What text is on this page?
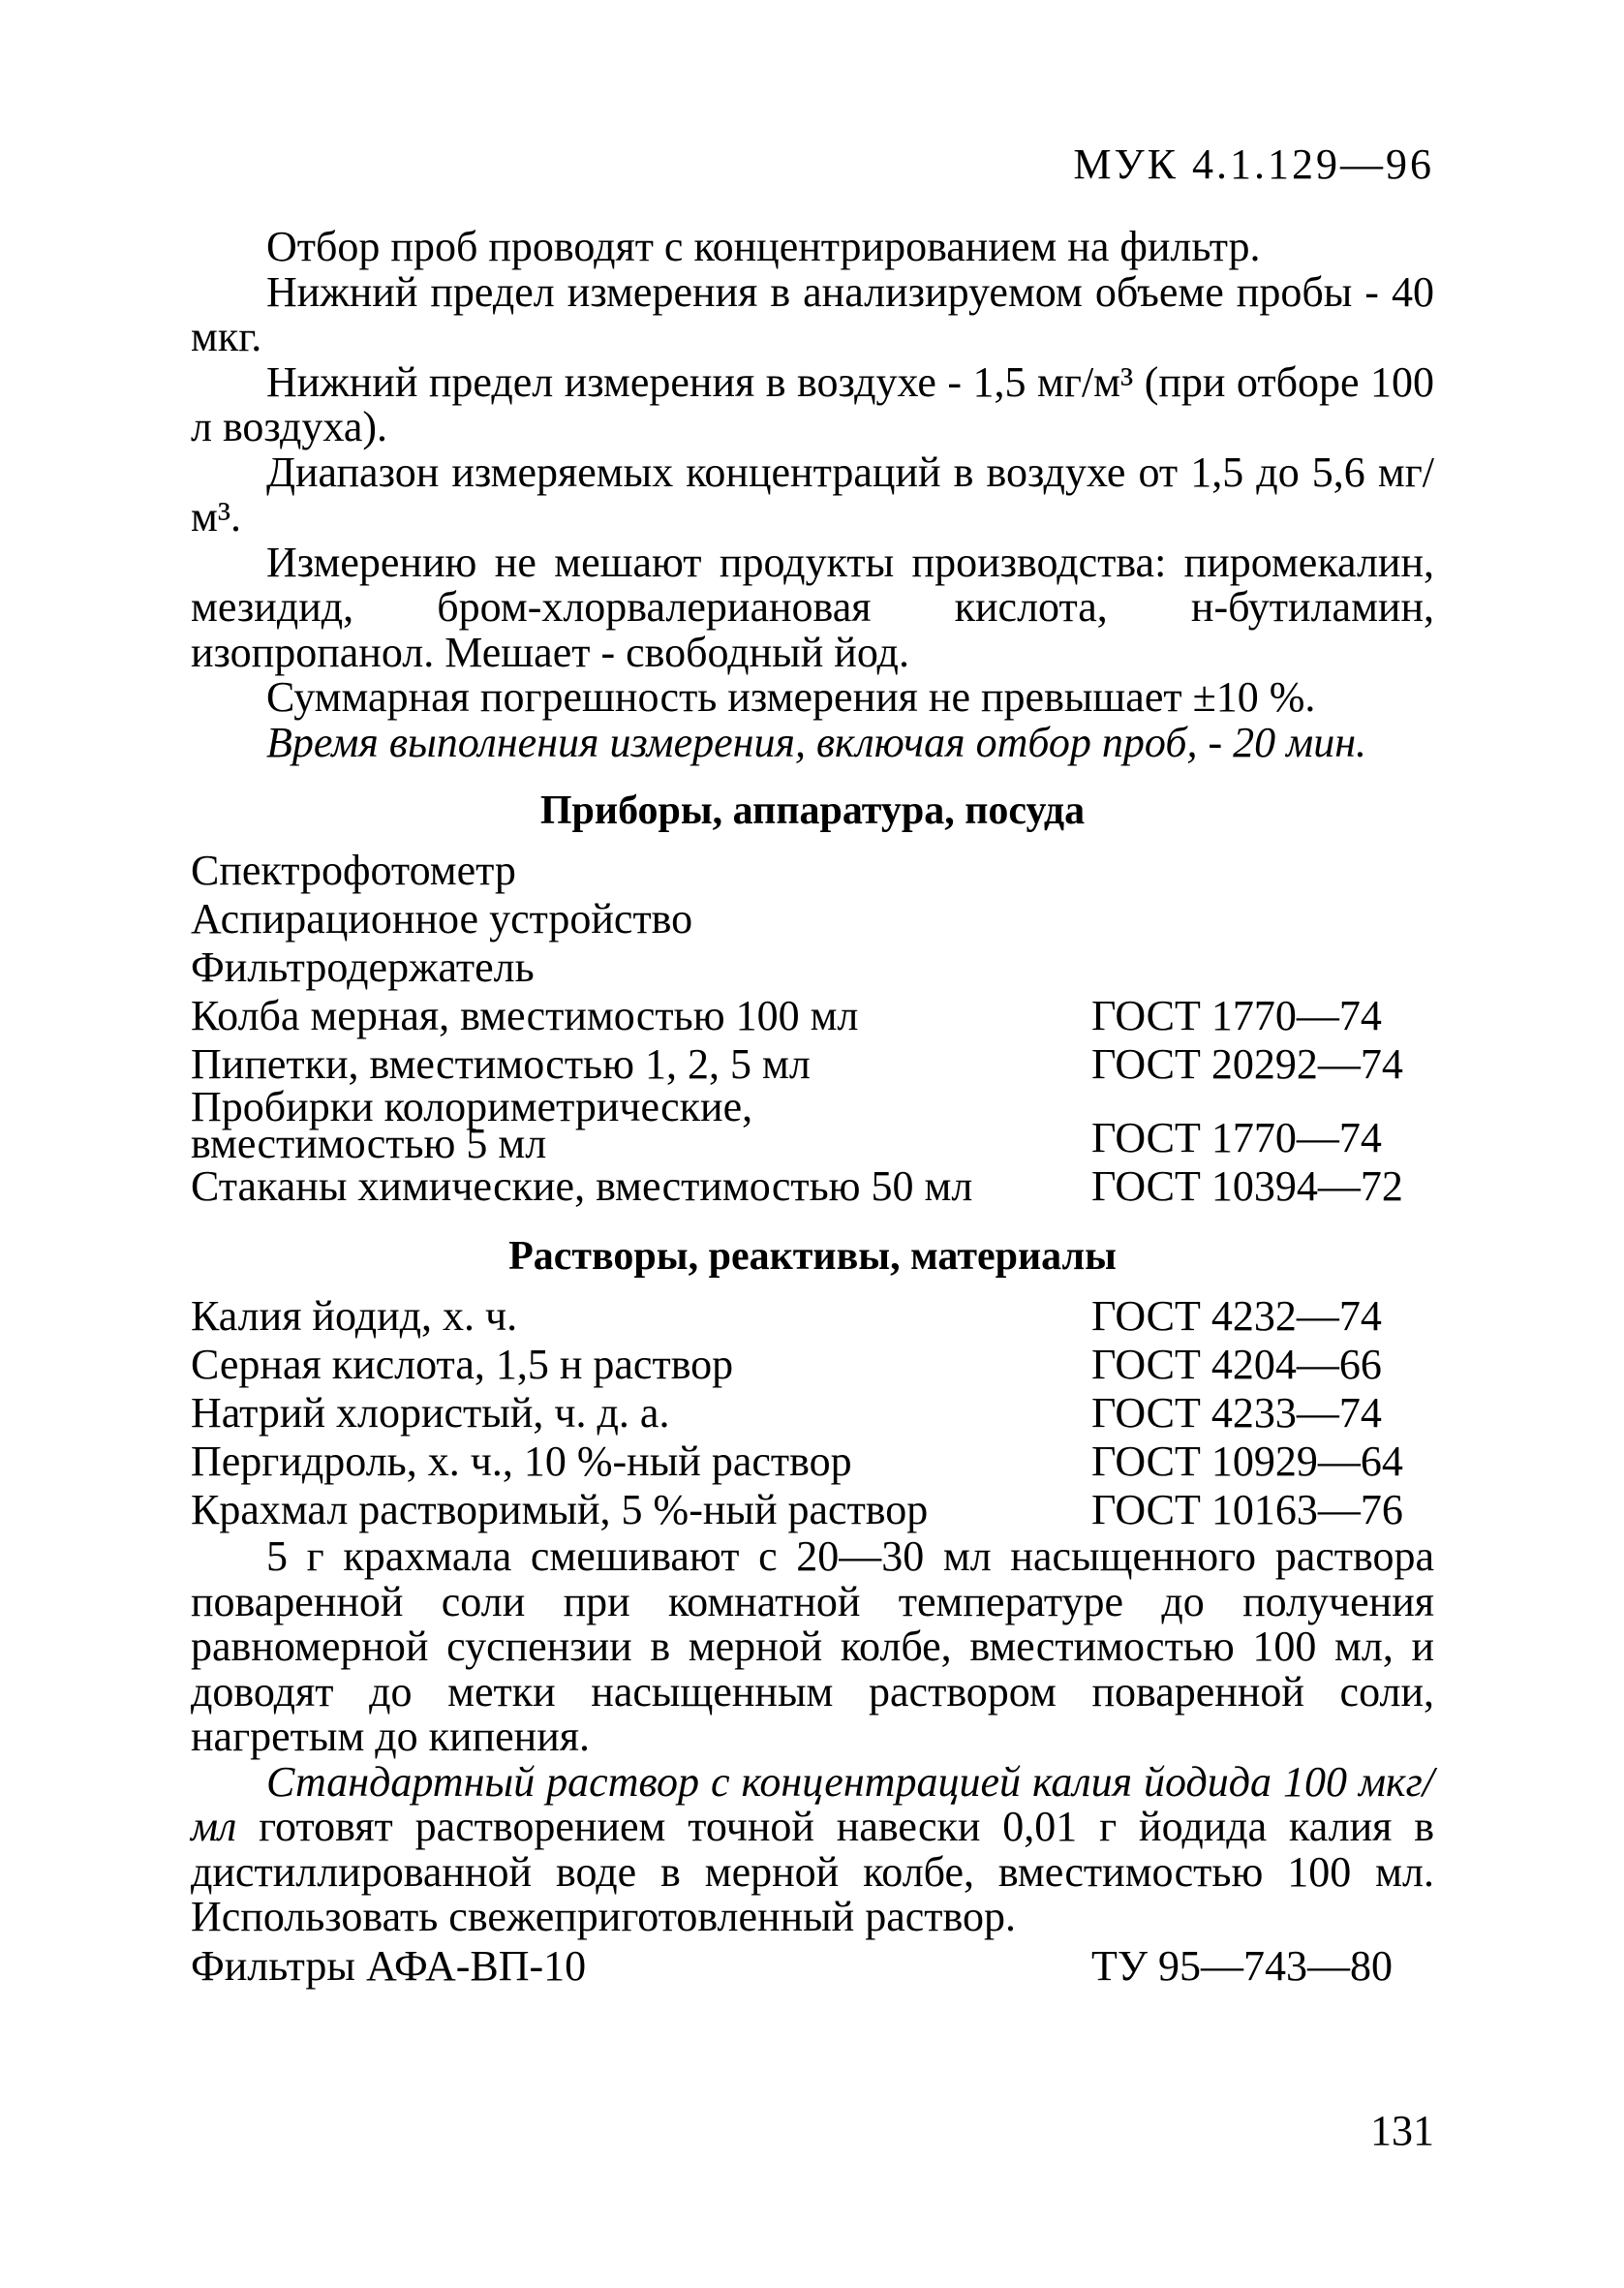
МУК 4.1.129—96

Отбор проб проводят с концентрированием на фильтр.

Нижний предел измерения в анализируемом объеме пробы - 40 мкг.

Нижний предел измерения в воздухе - 1,5 мг/м³ (при отборе 100 л воздуха).

Диапазон измеряемых концентраций в воздухе от 1,5 до 5,6 мг/м³.

Измерению не мешают продукты производства: пиромекалин, мезидид, бром-хлорвалериановая кислота, н-бутиламин, изопропанол. Мешает - свободный йод.

Суммарная погрешность измерения не превышает ±10 %.

Время выполнения измерения, включая отбор проб, - 20 мин.

Приборы, аппаратура, посуда
Спектрофотометр
Аспирационное устройство
Фильтродержатель
Колба мерная, вместимостью 100 мл	ГОСТ 1770—74
Пипетки, вместимостью 1, 2, 5 мл	ГОСТ 20292—74
Пробирки колориметрические, вместимостью 5 мл	ГОСТ 1770—74
Стаканы химические, вместимостью 50 мл	ГОСТ 10394—72
Растворы, реактивы, материалы
Калия йодид, х. ч.	ГОСТ 4232—74
Серная кислота, 1,5 н раствор	ГОСТ 4204—66
Натрий хлористый, ч. д. а.	ГОСТ 4233—74
Пергидроль, х. ч., 10 %-ный раствор	ГОСТ 10929—64
Крахмал растворимый, 5 %-ный раствор	ГОСТ 10163—76

5 г крахмала смешивают с 20—30 мл насыщенного раствора поваренной соли при комнатной температуре до получения равномерной суспензии в мерной колбе, вместимостью 100 мл, и доводят до метки насыщенным раствором поваренной соли, нагретым до кипения.

Стандартный раствор с концентрацией калия йодида 100 мкг/мл готовят растворением точной навески 0,01 г йодида калия в дистиллированной воде в мерной колбе, вместимостью 100 мл. Использовать свежеприготовленный раствор.

Фильтры АФА-ВП-10	ТУ 95—743—80
131
